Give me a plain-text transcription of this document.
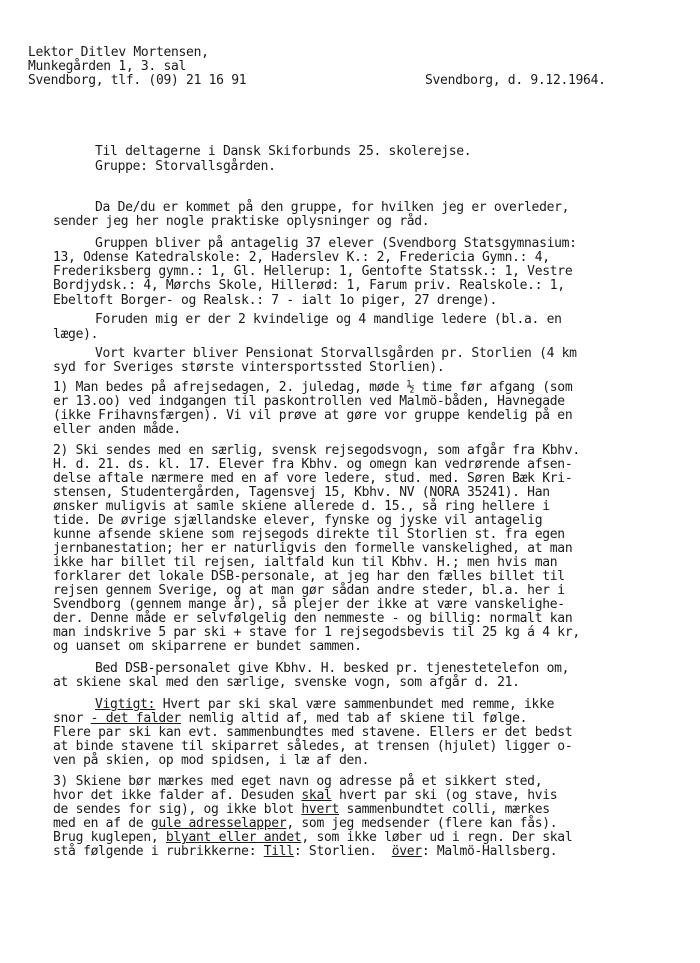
Lektor Ditlev Mortensen,
Munkegården 1, 3. sal
Svendborg, tlf. (09) 21 16 91	Svendborg, d. 9.12.1964.
Til deltagerne i Dansk Skiforbunds 25. skolerejse.
Gruppe: Storvallsgården.
Da De/du er kommet på den gruppe, for hvilken jeg er overleder,
sender jeg her nogle praktiske oplysninger og råd.
Gruppen bliver på antagelig 37 elever (Svendborg Statsgymnasium:
13, Odense Katedralskole: 2, Haderslev K.: 2, Fredericia Gymn.: 4,
Frederiksberg gymn.: 1, Gl. Hellerup: 1, Gentofte Statssk.: 1, Vestre
Bordjydsk.: 4, Mørchs Skole, Hillerød: 1, Farum priv. Realskole.: 1,
Ebeltoft Borger- og Realsk.: 7 - ialt 1o piger, 27 drenge).
Foruden mig er der 2 kvindelige og 4 mandlige ledere (bl.a. en
læge).
Vort kvarter bliver Pensionat Storvallsgården pr. Storlien (4 km
syd for Sveriges største vintersportssted Storlien).
1) Man bedes på afrejsedagen, 2. juledag, møde ½ time før afgang (som
er 13.oo) ved indgangen til paskontrollen ved Malmö-båden, Havnegade
(ikke Frihavnsfærgen). Vi vil prøve at gøre vor gruppe kendelig på en
eller anden måde.
2) Ski sendes med en særlig, svensk rejsegodsvogn, som afgår fra Kbhv.
H. d. 21. ds. kl. 17. Elever fra Kbhv. og omegn kan vedrørende afsen-
delse aftale nærmere med en af vore ledere, stud. med. Søren Bæk Kri-
stensen, Studentergården, Tagensvej 15, Kbhv. NV (NORA 35241). Han
ønsker muligvis at samle skiene allerede d. 15., så ring hellere i
tide. De øvrige sjællandske elever, fynske og jyske vil antagelig
kunne afsende skiene som rejsegods direkte til Storlien st. fra egen
jernbanestation; her er naturligvis den formelle vanskelighed, at man
ikke har billet til rejsen, ialtfald kun til Kbhv. H.; men hvis man
forklarer det lokale DSB-personale, at jeg har den fælles billet til
rejsen gennem Sverige, og at man gør sådan andre steder, bl.a. her i
Svendborg (gennem mange år), så plejer der ikke at være vanskelighe-
der. Denne måde er selvfølgelig den nemmeste - og billig: normalt kan
man indskrive 5 par ski + stave for 1 rejsegodsbevis til 25 kg á 4 kr,
og uanset om skiparrene er bundet sammen.
Bed DSB-personalet give Kbhv. H. besked pr. tjenestetelefon om,
at skiene skal med den særlige, svenske vogn, som afgår d. 21.
Vigtigt: Hvert par ski skal være sammenbundet med remme, ikke
snor - det falder nemlig altid af, med tab af skiene til følge.
Flere par ski kan evt. sammenbundtes med stavene. Ellers er det bedst
at binde stavene til skiparret således, at trensen (hjulet) ligger o-
ven på skien, op mod spidsen, i læ af den.
3) Skiene bør mærkes med eget navn og adresse på et sikkert sted,
hvor det ikke falder af. Desuden skal hvert par ski (og stave, hvis
de sendes for sig), og ikke blot hvert sammenbundtet colli, mærkes
med en af de gule adresselapper, som jeg medsender (flere kan fås).
Brug kuglepen, blyant eller andet, som ikke løber ud i regn. Der skal
stå følgende i rubrikkerne: Till: Storlien.  över: Malmö-Hallsberg.
